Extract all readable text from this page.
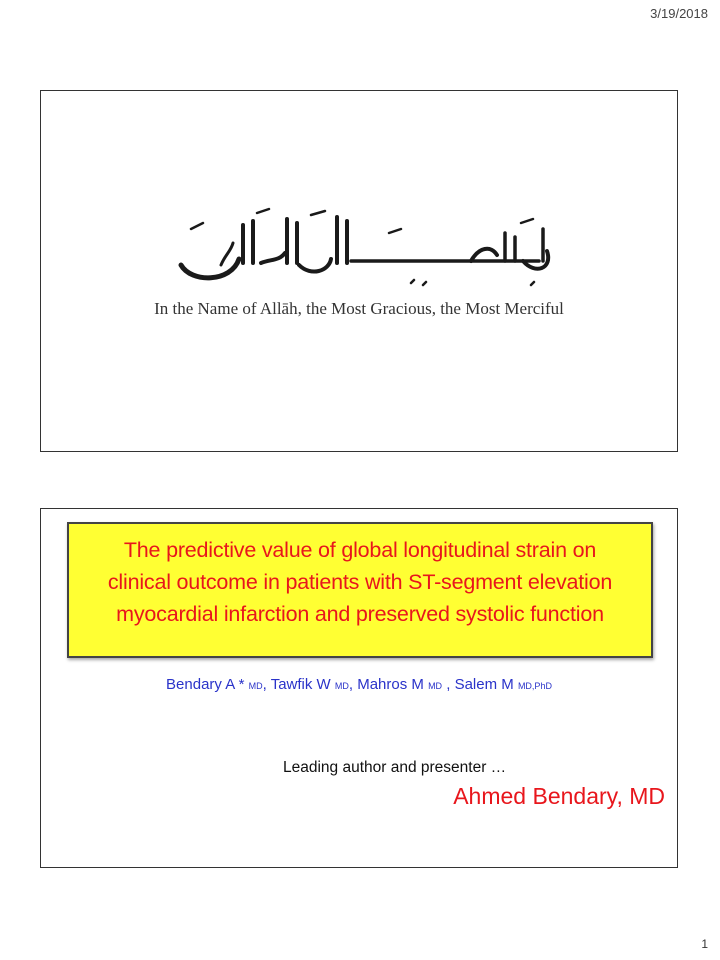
3/19/2018
In the Name of Allāh, the Most Gracious, the Most Merciful
The predictive value of global longitudinal strain on
clinical outcome in patients with ST-segment elevation
myocardial infarction and preserved systolic function
Bendary A * MD, Tawfik W MD, Mahros M MD , Salem M MD,PhD
Leading author and presenter …
Ahmed Bendary, MD
1
